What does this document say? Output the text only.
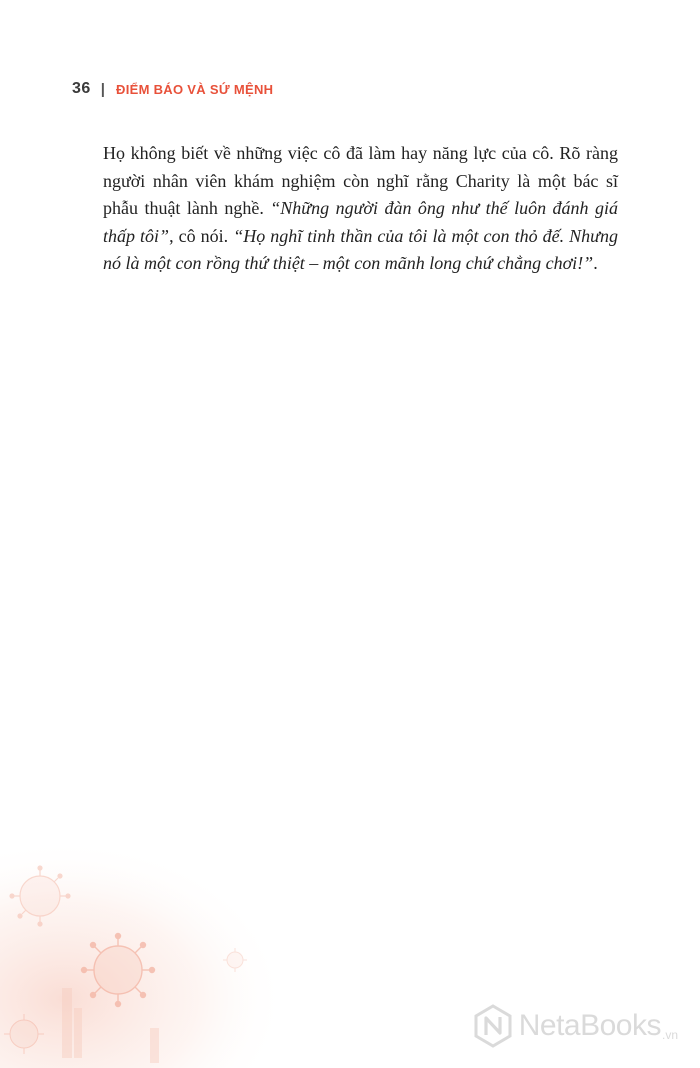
36 | ĐIỂM BÁO VÀ SỨ MỆNH

Họ không biết về những việc cô đã làm hay năng lực của cô. Rõ ràng người nhân viên khám nghiệm còn nghĩ rằng Charity là một bác sĩ phẫu thuật lành nghề. “Những người đàn ông như thế luôn đánh giá thấp tôi”, cô nói. “Họ nghĩ tinh thần của tôi là một con thỏ đế. Nhưng nó là một con rồng thứ thiệt – một con mãnh long chứ chẳng chơi!”.

NetaBooks .vn
